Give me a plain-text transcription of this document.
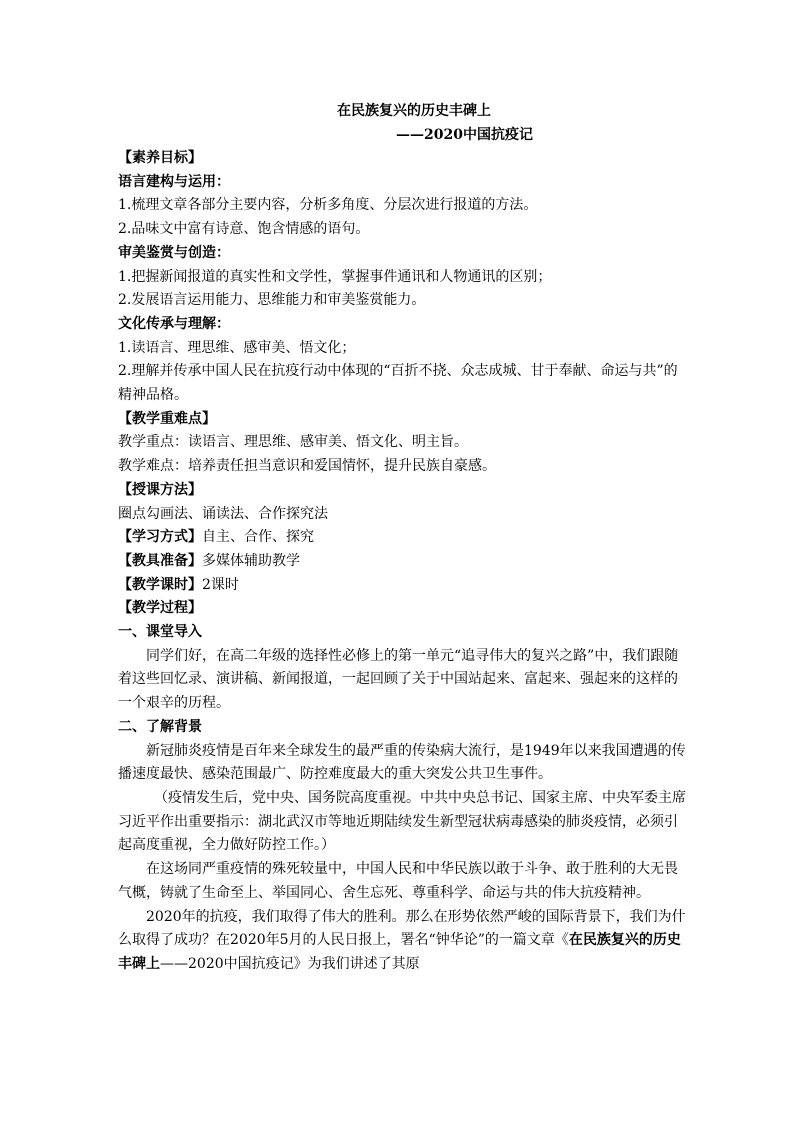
在民族复兴的历史丰碑上

——2020中国抗疫记

【素养目标】

语言建构与运用：

1.梳理文章各部分主要内容，分析多角度、分层次进行报道的方法。

2.品味文中富有诗意、饱含情感的语句。

审美鉴赏与创造：

1.把握新闻报道的真实性和文学性，掌握事件通讯和人物通讯的区别；

2.发展语言运用能力、思维能力和审美鉴赏能力。

文化传承与理解：

1.读语言、理思维、感审美、悟文化；

2.理解并传承中国人民在抗疫行动中体现的“百折不挠、众志成城、甘于奉献、命运与共”的精神品格。

【教学重难点】

教学重点：读语言、理思维、感审美、悟文化、明主旨。

教学难点：培养责任担当意识和爱国情怀，提升民族自豪感。

【授课方法】

圈点勾画法、诵读法、合作探究法

【学习方式】自主、合作、探究

【教具准备】多媒体辅助教学

【教学课时】2课时

【教学过程】

一、课堂导入

同学们好，在高二年级的选择性必修上的第一单元“追寻伟大的复兴之路”中，我们跟随着这些回忆录、演讲稿、新闻报道，一起回顾了关于中国站起来、富起来、强起来的这样的一个艰辛的历程。

二、了解背景

新冠肺炎疫情是百年来全球发生的最严重的传染病大流行，是1949年以来我国遭遇的传播速度最快、感染范围最广、防控难度最大的重大突发公共卫生事件。

（疫情发生后，党中央、国务院高度重视。中共中央总书记、国家主席、中央军委主席习近平作出重要指示：湖北武汉市等地近期陆续发生新型冠状病毒感染的肺炎疫情，必须引起高度重视，全力做好防控工作。）

在这场同严重疫情的殊死较量中，中国人民和中华民族以敢于斗争、敢于胜利的大无畏气概，铸就了生命至上、举国同心、舍生忘死、尊重科学、命运与共的伟大抗疫精神。

2020年的抗疫，我们取得了伟大的胜利。那么在形势依然严峻的国际背景下，我们为什么取得了成功？在2020年5月的人民日报上，署名“钟华论”的一篇文章《在民族复兴的历史丰碑上——2020中国抗疫记》为我们讲述了其原
